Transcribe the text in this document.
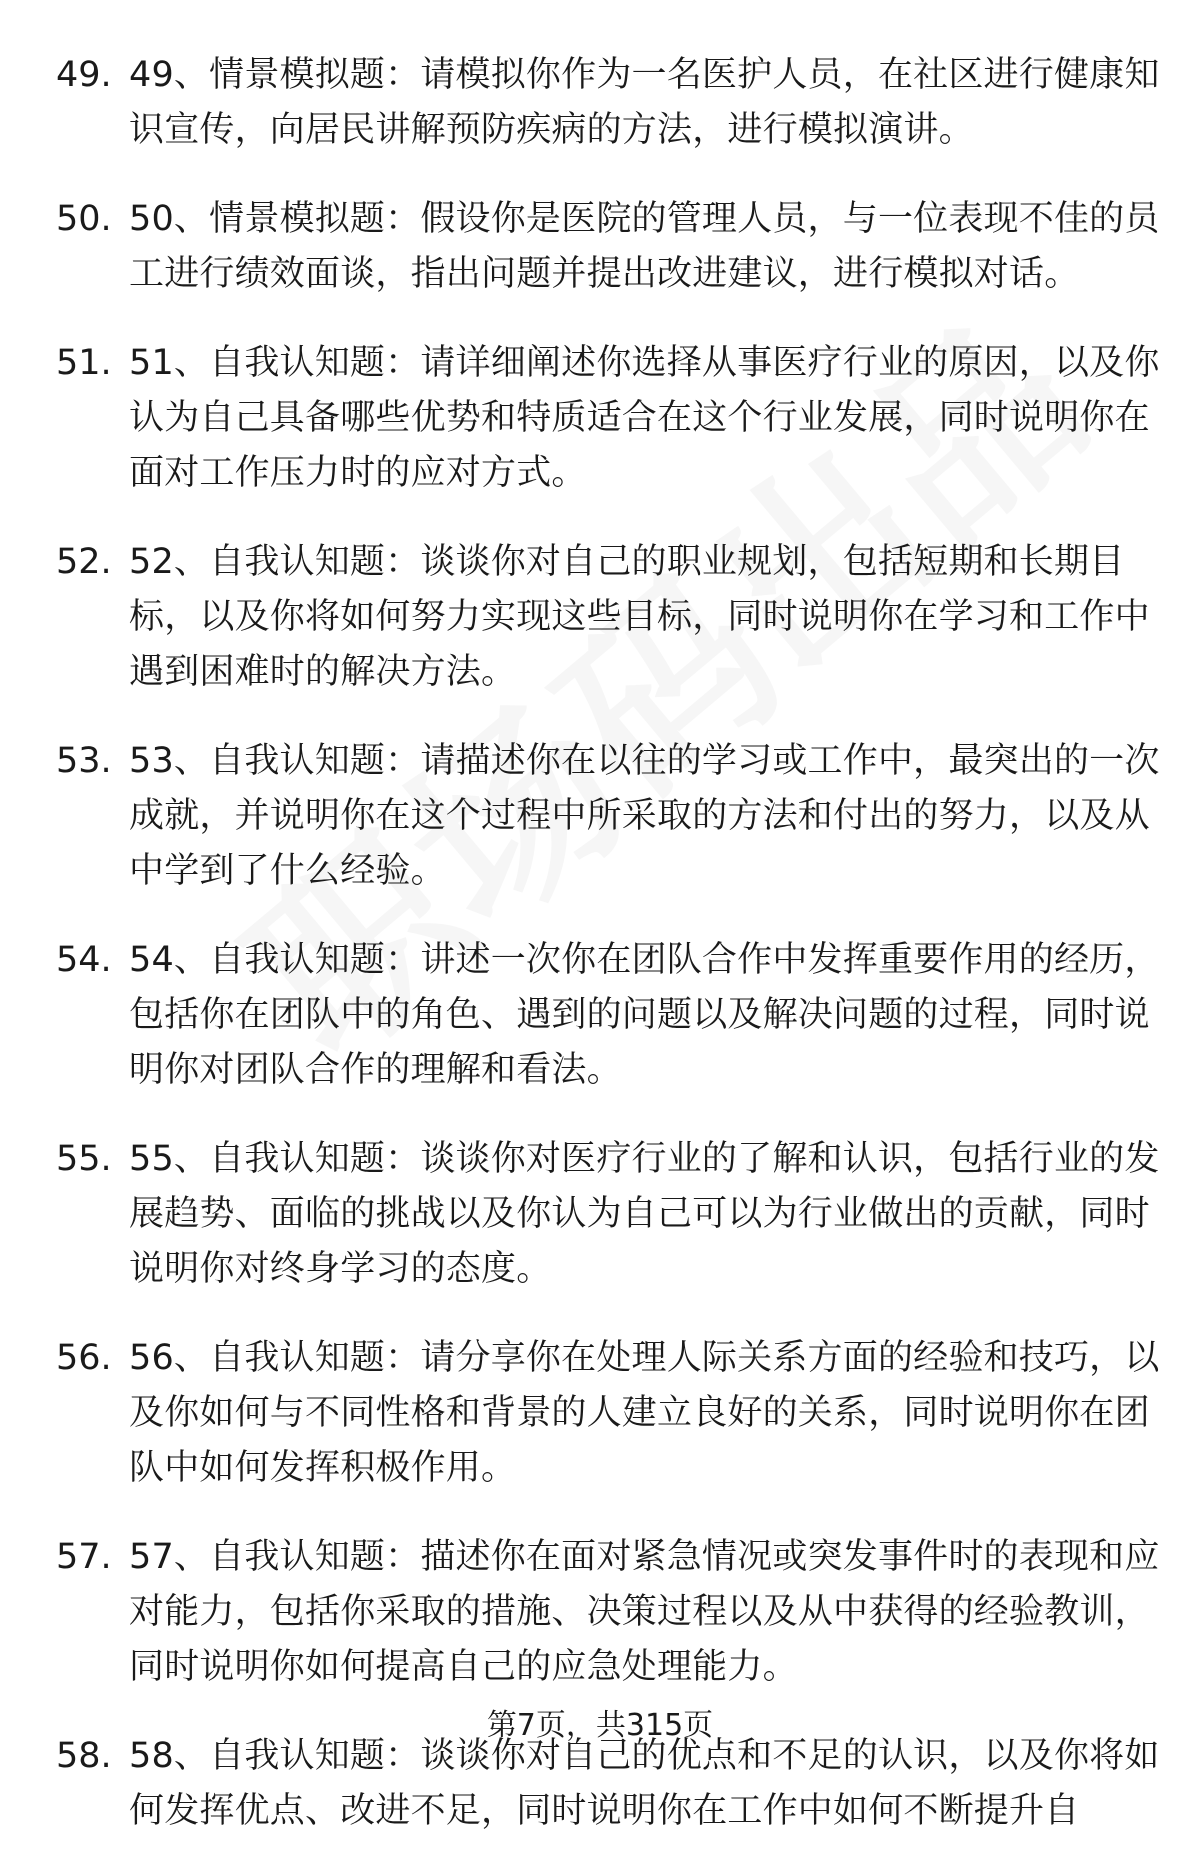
49. 49、情景模拟题：请模拟你作为一名医护人员，在社区进行健康知识宣传，向居民讲解预防疾病的方法，进行模拟演讲。
50. 50、情景模拟题：假设你是医院的管理人员，与一位表现不佳的员工进行绩效面谈，指出问题并提出改进建议，进行模拟对话。
51. 51、自我认知题：请详细阐述你选择从事医疗行业的原因，以及你认为自己具备哪些优势和特质适合在这个行业发展，同时说明你在面对工作压力时的应对方式。
52. 52、自我认知题：谈谈你对自己的职业规划，包括短期和长期目标，以及你将如何努力实现这些目标，同时说明你在学习和工作中遇到困难时的解决方法。
53. 53、自我认知题：请描述你在以往的学习或工作中，最突出的一次成就，并说明你在这个过程中所采取的方法和付出的努力，以及从中学到了什么经验。
54. 54、自我认知题：讲述一次你在团队合作中发挥重要作用的经历，包括你在团队中的角色、遇到的问题以及解决问题的过程，同时说明你对团队合作的理解和看法。
55. 55、自我认知题：谈谈你对医疗行业的了解和认识，包括行业的发展趋势、面临的挑战以及你认为自己可以为行业做出的贡献，同时说明你对终身学习的态度。
56. 56、自我认知题：请分享你在处理人际关系方面的经验和技巧，以及你如何与不同性格和背景的人建立良好的关系，同时说明你在团队中如何发挥积极作用。
57. 57、自我认知题：描述你在面对紧急情况或突发事件时的表现和应对能力，包括你采取的措施、决策过程以及从中获得的经验教训，同时说明你如何提高自己的应急处理能力。
58. 58、自我认知题：谈谈你对自己的优点和不足的认识，以及你将如何发挥优点、改进不足，同时说明你在工作中如何不断提升自
第7页，共315页
